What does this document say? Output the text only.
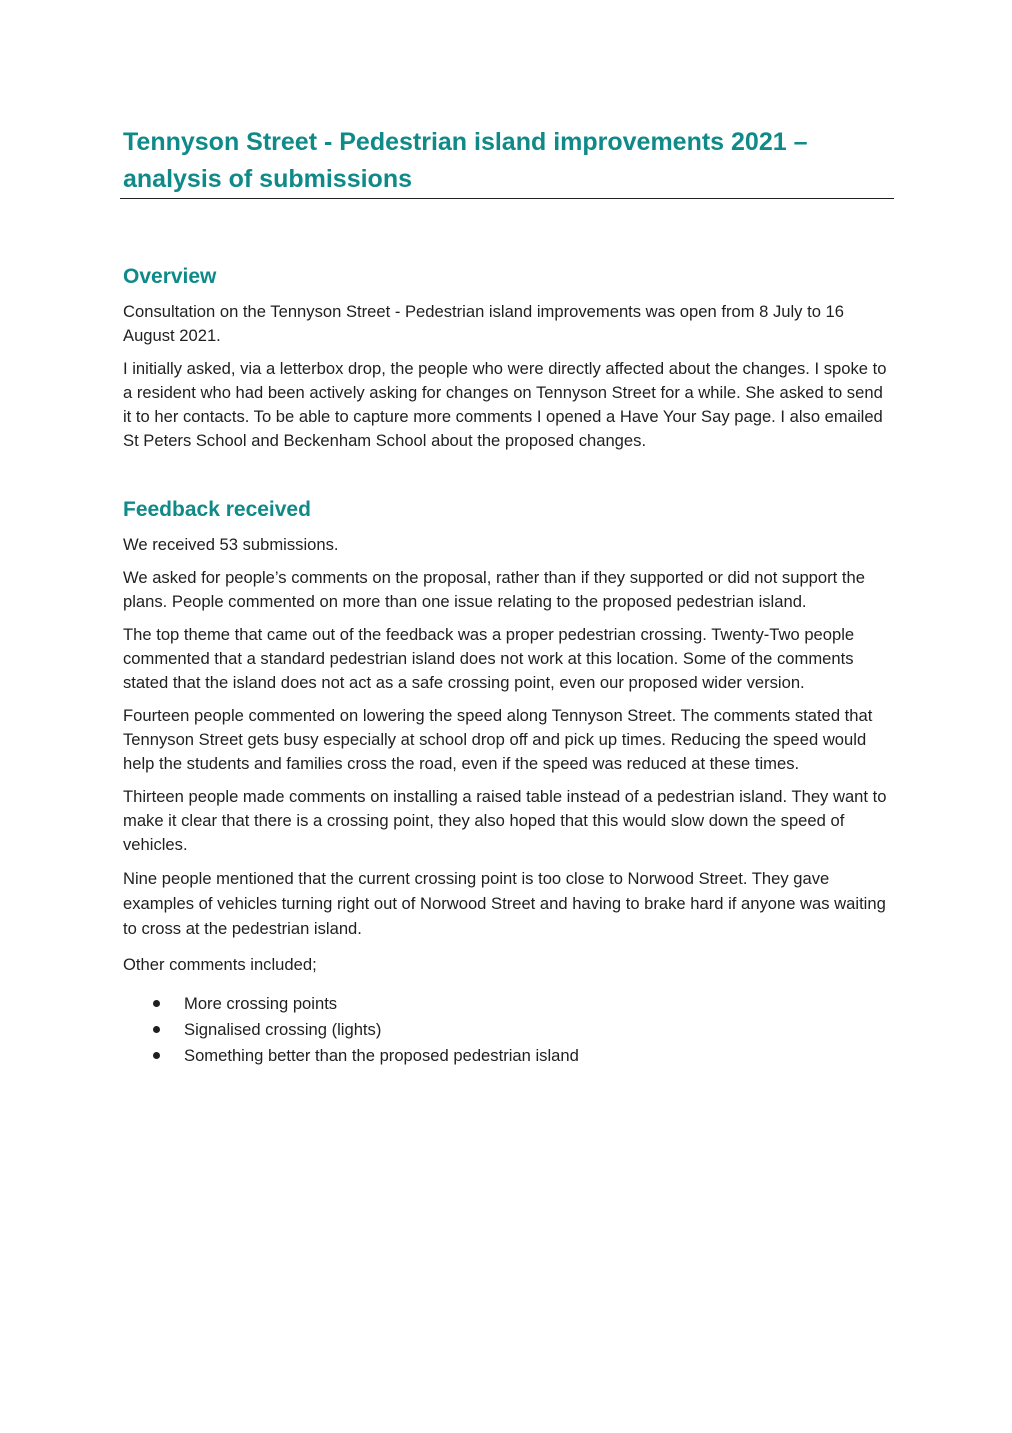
Tennyson Street - Pedestrian island improvements 2021 –
analysis of submissions
Overview

Consultation on the Tennyson Street - Pedestrian island improvements was open from 8 July to 16 August 2021.

I initially asked, via a letterbox drop, the people who were directly affected about the changes. I spoke to a resident who had been actively asking for changes on Tennyson Street for a while. She asked to send it to her contacts. To be able to capture more comments I opened a Have Your Say page. I also emailed St Peters School and Beckenham School about the proposed changes.

Feedback received

We received 53 submissions.

We asked for people’s comments on the proposal, rather than if they supported or did not support the plans. People commented on more than one issue relating to the proposed pedestrian island.

The top theme that came out of the feedback was a proper pedestrian crossing. Twenty-Two people commented that a standard pedestrian island does not work at this location. Some of the comments stated that the island does not act as a safe crossing point, even our proposed wider version.

Fourteen people commented on lowering the speed along Tennyson Street. The comments stated that Tennyson Street gets busy especially at school drop off and pick up times. Reducing the speed would help the students and families cross the road, even if the speed was reduced at these times.

Thirteen people made comments on installing a raised table instead of a pedestrian island. They want to make it clear that there is a crossing point, they also hoped that this would slow down the speed of vehicles.

Nine people mentioned that the current crossing point is too close to Norwood Street. They gave examples of vehicles turning right out of Norwood Street and having to brake hard if anyone was waiting to cross at the pedestrian island.

Other comments included;

More crossing points
Signalised crossing (lights)
Something better than the proposed pedestrian island
